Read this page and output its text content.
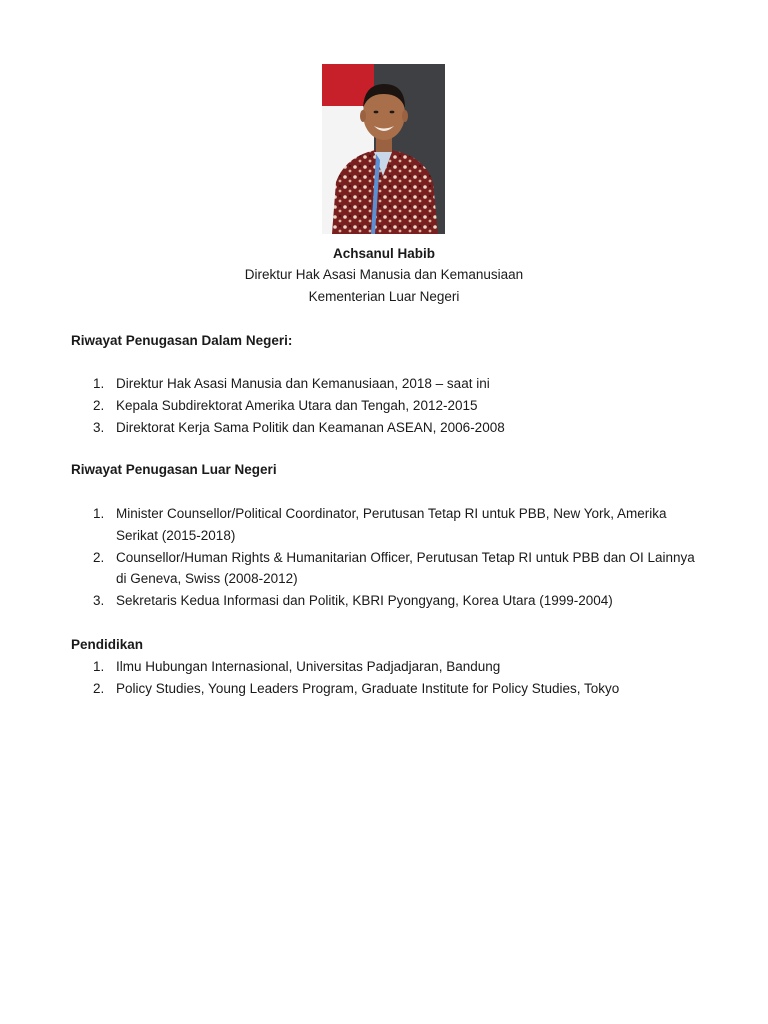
Achsanul Habib
Direktur Hak Asasi Manusia dan Kemanusiaan
Kementerian Luar Negeri
Riwayat Penugasan Dalam Negeri:
1. Direktur Hak Asasi Manusia dan Kemanusiaan, 2018 – saat ini
2. Kepala Subdirektorat Amerika Utara dan Tengah, 2012-2015
3. Direktorat Kerja Sama Politik dan Keamanan ASEAN, 2006-2008
Riwayat Penugasan Luar Negeri
1. Minister Counsellor/Political Coordinator, Perutusan Tetap RI untuk PBB, New York, Amerika Serikat (2015-2018)
2. Counsellor/Human Rights & Humanitarian Officer, Perutusan Tetap RI untuk PBB dan OI Lainnya di Geneva, Swiss (2008-2012)
3. Sekretaris Kedua Informasi dan Politik, KBRI Pyongyang, Korea Utara (1999-2004)
Pendidikan
1. Ilmu Hubungan Internasional, Universitas Padjadjaran, Bandung
2. Policy Studies, Young Leaders Program, Graduate Institute for Policy Studies, Tokyo
